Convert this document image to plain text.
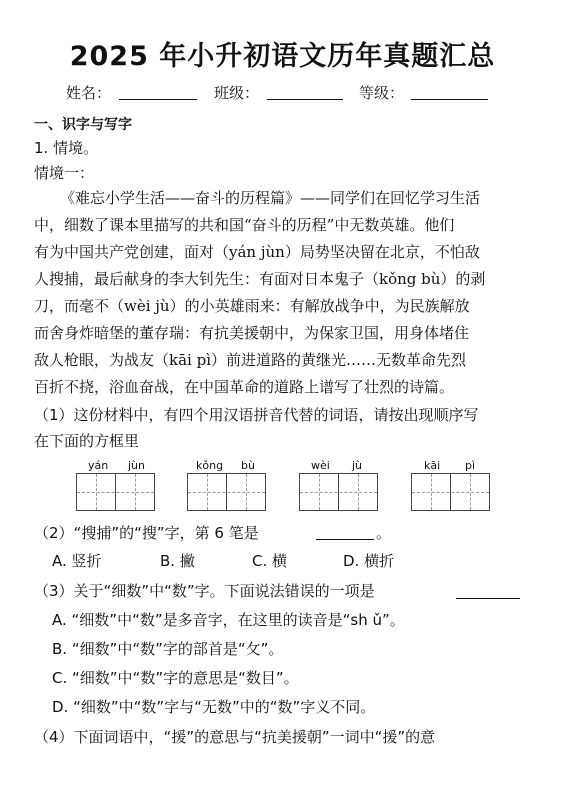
2025 年小升初语文历年真题汇总
姓名：	班级：	等级：
一、识字与写字
1. 情境。
情境一：
《难忘小学生活——奋斗的历程篇》——同学们在回忆学习生活
中，细数了课本里描写的共和国“奋斗的历程”中无数英雄。他们
有为中国共产党创建，面对（yán jùn）局势坚决留在北京，不怕敌
人搜捕，最后献身的李大钊先生：有面对日本鬼子（kǒng bù）的剥
刀，而毫不（wèi jù）的小英雄雨来：有解放战争中，为民族解放
而舍身炸暗堡的董存瑞：有抗美援朝中，为保家卫国，用身体堵住
敌人枪眼，为战友（kāi pì）前进道路的黄继光……无数革命先烈
百折不挠，浴血奋战，在中国革命的道路上谱写了壮烈的诗篇。
（1）这份材料中，有四个用汉语拼音代替的词语，请按出现顺序写
在下面的方框里
yán jùn	kǒng bù	wèi jù	kāi pì
（2）“搜捕”的“搜”字，第 6 笔是	。
A. 竖折	B. 撇	C. 横	D. 横折
（3）关于“细数”中“数”字。下面说法错误的一项是
A. “细数”中“数”是多音字，在这里的读音是“sh ǔ”。
B. “细数”中“数”字的部首是“攵”。
C. “细数”中“数”字的意思是“数目”。
D. “细数”中“数”字与“无数”中的“数”字义不同。
（4）下面词语中，“援”的意思与“抗美援朝”一词中“援”的意
